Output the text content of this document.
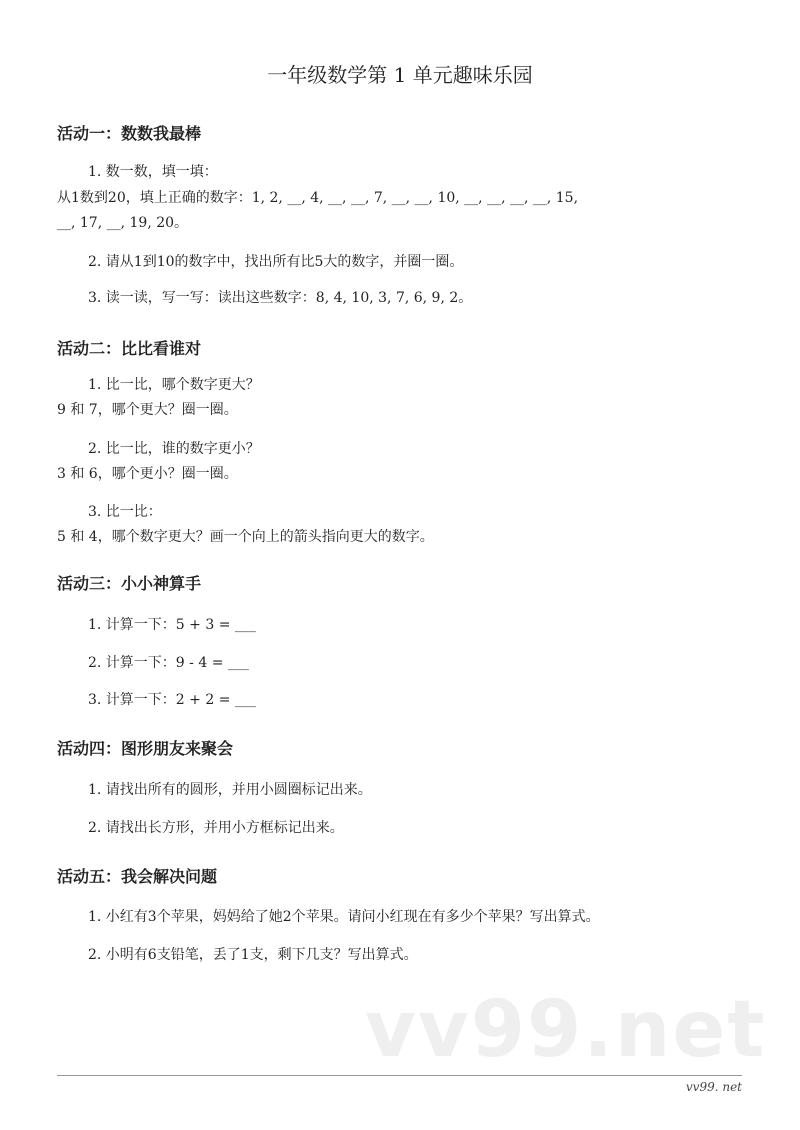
一年级数学第 1 单元趣味乐园
活动一：数数我最棒
1. 数一数，填一填：
从1数到20，填上正确的数字：1, 2, __, 4, __, __, 7, __, __, 10, __, __, __, __, 15,
__, 17, __, 19, 20。
2. 请从1到10的数字中，找出所有比5大的数字，并圈一圈。
3. 读一读，写一写：读出这些数字：8, 4, 10, 3, 7, 6, 9, 2。
活动二：比比看谁对
1. 比一比，哪个数字更大？
9 和 7，哪个更大？圈一圈。
2. 比一比，谁的数字更小？
3 和 6，哪个更小？圈一圈。
3. 比一比：
5 和 4，哪个数字更大？画一个向上的箭头指向更大的数字。
活动三：小小神算手
1. 计算一下：5 + 3 = ___
2. 计算一下：9 - 4 = ___
3. 计算一下：2 + 2 = ___
活动四：图形朋友来聚会
1. 请找出所有的圆形，并用小圆圈标记出来。
2. 请找出长方形，并用小方框标记出来。
活动五：我会解决问题
1. 小红有3个苹果，妈妈给了她2个苹果。请问小红现在有多少个苹果？写出算式。
2. 小明有6支铅笔，丢了1支，剩下几支？写出算式。
vv99.net
vv99. net
